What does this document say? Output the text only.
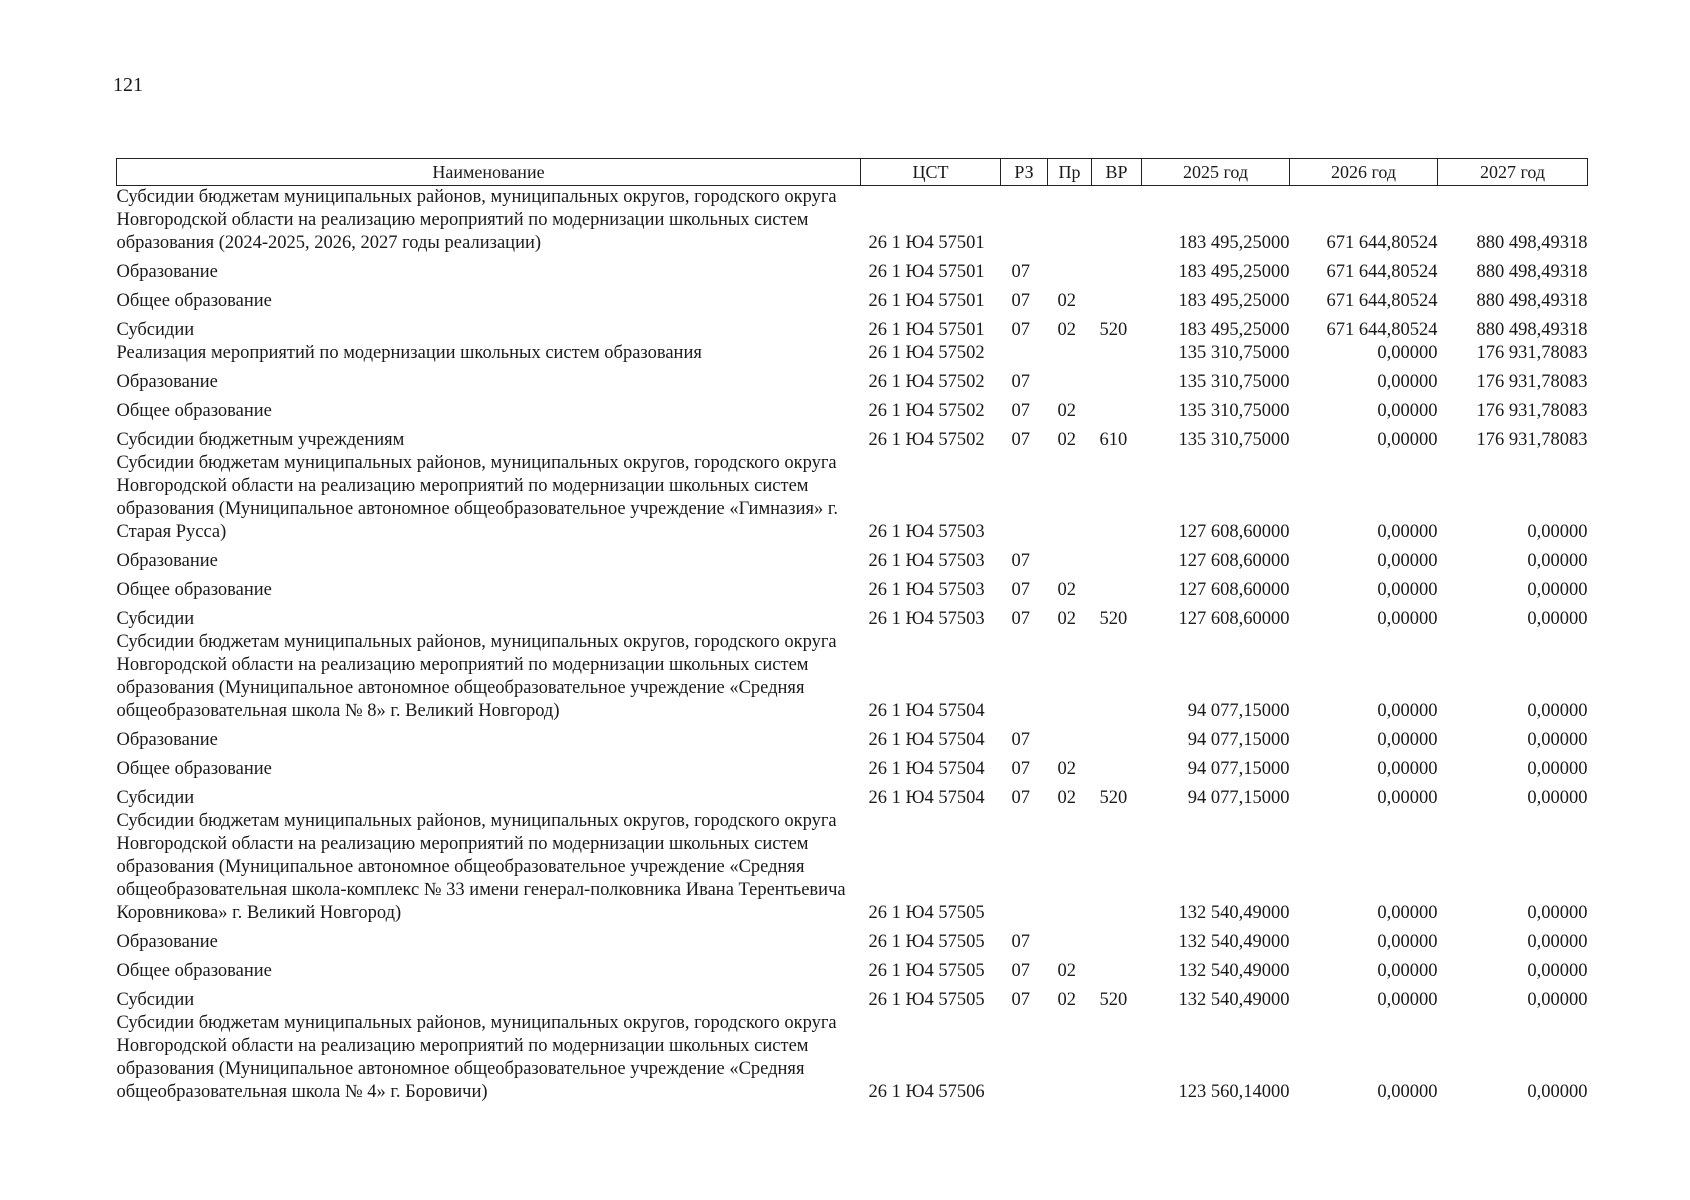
121
Наименование	ЦСТ	РЗ	Пр	ВР	2025 год	2026 год	2027 год
Субсидии бюджетам муниципальных районов, муниципальных округов, городского округа Новгородской области на реализацию мероприятий по модернизации школьных систем образования (2024-2025, 2026, 2027 годы реализации)	26 1 Ю4 57501				183 495,25000	671 644,80524	880 498,49318
Образование	26 1 Ю4 57501	07			183 495,25000	671 644,80524	880 498,49318
Общее образование	26 1 Ю4 57501	07	02		183 495,25000	671 644,80524	880 498,49318
Субсидии	26 1 Ю4 57501	07	02	520	183 495,25000	671 644,80524	880 498,49318
Реализация мероприятий по модернизации школьных систем образования	26 1 Ю4 57502				135 310,75000	0,00000	176 931,78083
Образование	26 1 Ю4 57502	07			135 310,75000	0,00000	176 931,78083
Общее образование	26 1 Ю4 57502	07	02		135 310,75000	0,00000	176 931,78083
Субсидии бюджетным учреждениям	26 1 Ю4 57502	07	02	610	135 310,75000	0,00000	176 931,78083
Субсидии бюджетам муниципальных районов, муниципальных округов, городского округа Новгородской области на реализацию мероприятий по модернизации школьных систем образования (Муниципальное автономное общеобразовательное учреждение «Гимназия» г. Старая Русса)	26 1 Ю4 57503				127 608,60000	0,00000	0,00000
Образование	26 1 Ю4 57503	07			127 608,60000	0,00000	0,00000
Общее образование	26 1 Ю4 57503	07	02		127 608,60000	0,00000	0,00000
Субсидии	26 1 Ю4 57503	07	02	520	127 608,60000	0,00000	0,00000
Субсидии бюджетам муниципальных районов, муниципальных округов, городского округа Новгородской области на реализацию мероприятий по модернизации школьных систем образования (Муниципальное автономное общеобразовательное учреждение «Средняя общеобразовательная школа № 8» г. Великий Новгород)	26 1 Ю4 57504				94 077,15000	0,00000	0,00000
Образование	26 1 Ю4 57504	07			94 077,15000	0,00000	0,00000
Общее образование	26 1 Ю4 57504	07	02		94 077,15000	0,00000	0,00000
Субсидии	26 1 Ю4 57504	07	02	520	94 077,15000	0,00000	0,00000
Субсидии бюджетам муниципальных районов, муниципальных округов, городского округа Новгородской области на реализацию мероприятий по модернизации школьных систем образования (Муниципальное автономное общеобразовательное учреждение «Средняя общеобразовательная школа-комплекс № 33 имени генерал-полковника Ивана Терентьевича Коровникова» г. Великий Новгород)	26 1 Ю4 57505				132 540,49000	0,00000	0,00000
Образование	26 1 Ю4 57505	07			132 540,49000	0,00000	0,00000
Общее образование	26 1 Ю4 57505	07	02		132 540,49000	0,00000	0,00000
Субсидии	26 1 Ю4 57505	07	02	520	132 540,49000	0,00000	0,00000
Субсидии бюджетам муниципальных районов, муниципальных округов, городского округа Новгородской области на реализацию мероприятий по модернизации школьных систем образования (Муниципальное автономное общеобразовательное учреждение «Средняя общеобразовательная школа № 4» г. Боровичи)	26 1 Ю4 57506				123 560,14000	0,00000	0,00000
